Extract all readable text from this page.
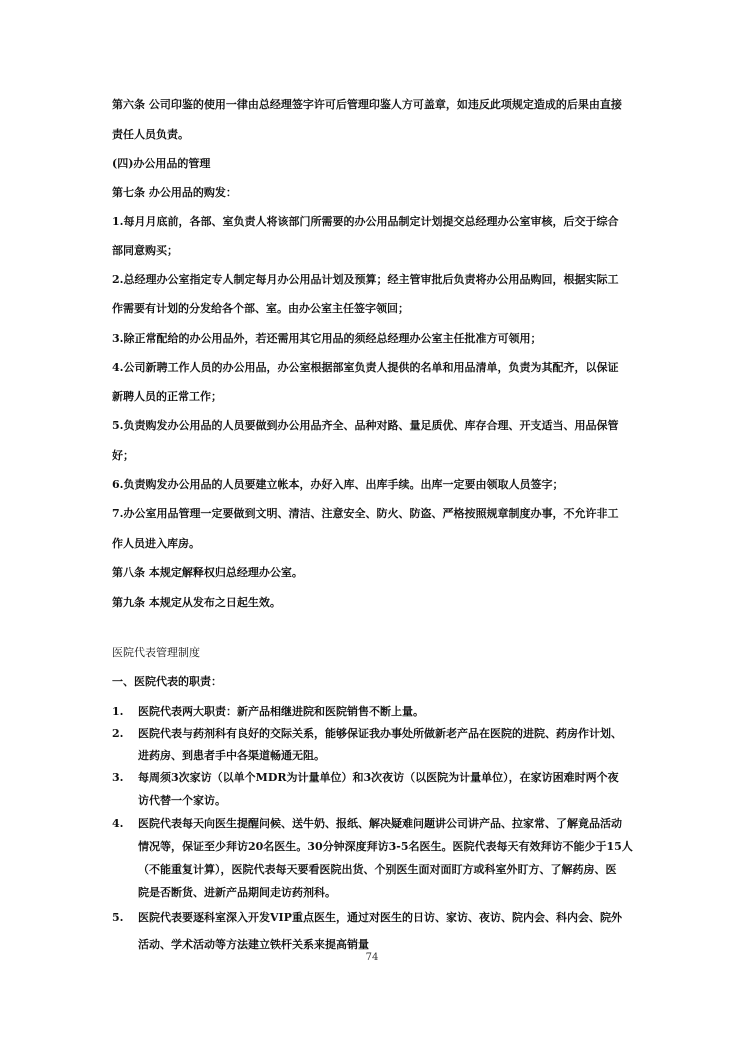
第六条 公司印鉴的使用一律由总经理签字许可后管理印鉴人方可盖章，如违反此项规定造成的后果由直接
责任人员负责。
(四)办公用品的管理
第七条 办公用品的购发：
1.每月月底前，各部、室负责人将该部门所需要的办公用品制定计划提交总经理办公室审核，后交于综合
部同意购买；
2.总经理办公室指定专人制定每月办公用品计划及预算；经主管审批后负责将办公用品购回，根据实际工
作需要有计划的分发给各个部、室。由办公室主任签字领回；
3.除正常配给的办公用品外，若还需用其它用品的须经总经理办公室主任批准方可领用；
4.公司新聘工作人员的办公用品，办公室根据部室负责人提供的名单和用品清单，负责为其配齐，以保证
新聘人员的正常工作；
5.负责购发办公用品的人员要做到办公用品齐全、品种对路、量足质优、库存合理、开支适当、用品保管
好；
6.负责购发办公用品的人员要建立帐本，办好入库、出库手续。出库一定要由领取人员签字；
7.办公室用品管理一定要做到文明、清洁、注意安全、防火、防盗、严格按照规章制度办事，不允许非工
作人员进入库房。
第八条 本规定解释权归总经理办公室。
第九条 本规定从发布之日起生效。
医院代表管理制度
一、医院代表的职责：
1.	医院代表两大职责：新产品相继进院和医院销售不断上量。
2.	医院代表与药剂科有良好的交际关系，能够保证我办事处所做新老产品在医院的进院、药房作计划、
进药房、到患者手中各渠道畅通无阻。
3.	每周须3次家访（以单个MDR为计量单位）和3次夜访（以医院为计量单位），在家访困难时两个夜
访代替一个家访。
4.	医院代表每天向医生提醒问候、送牛奶、报纸、解决疑难问题讲公司讲产品、拉家常、了解竟品活动
情况等，保证至少拜访20名医生。30分钟深度拜访3-5名医生。医院代表每天有效拜访不能少于15人
（不能重复计算），医院代表每天要看医院出货、个别医生面对面盯方或科室外盯方、了解药房、医
院是否断货、进新产品期间走访药剂科。
5.	医院代表要逐科室深入开发VIP重点医生，通过对医生的日访、家访、夜访、院内会、科内会、院外
活动、学术活动等方法建立铁杆关系来提高销量
74
